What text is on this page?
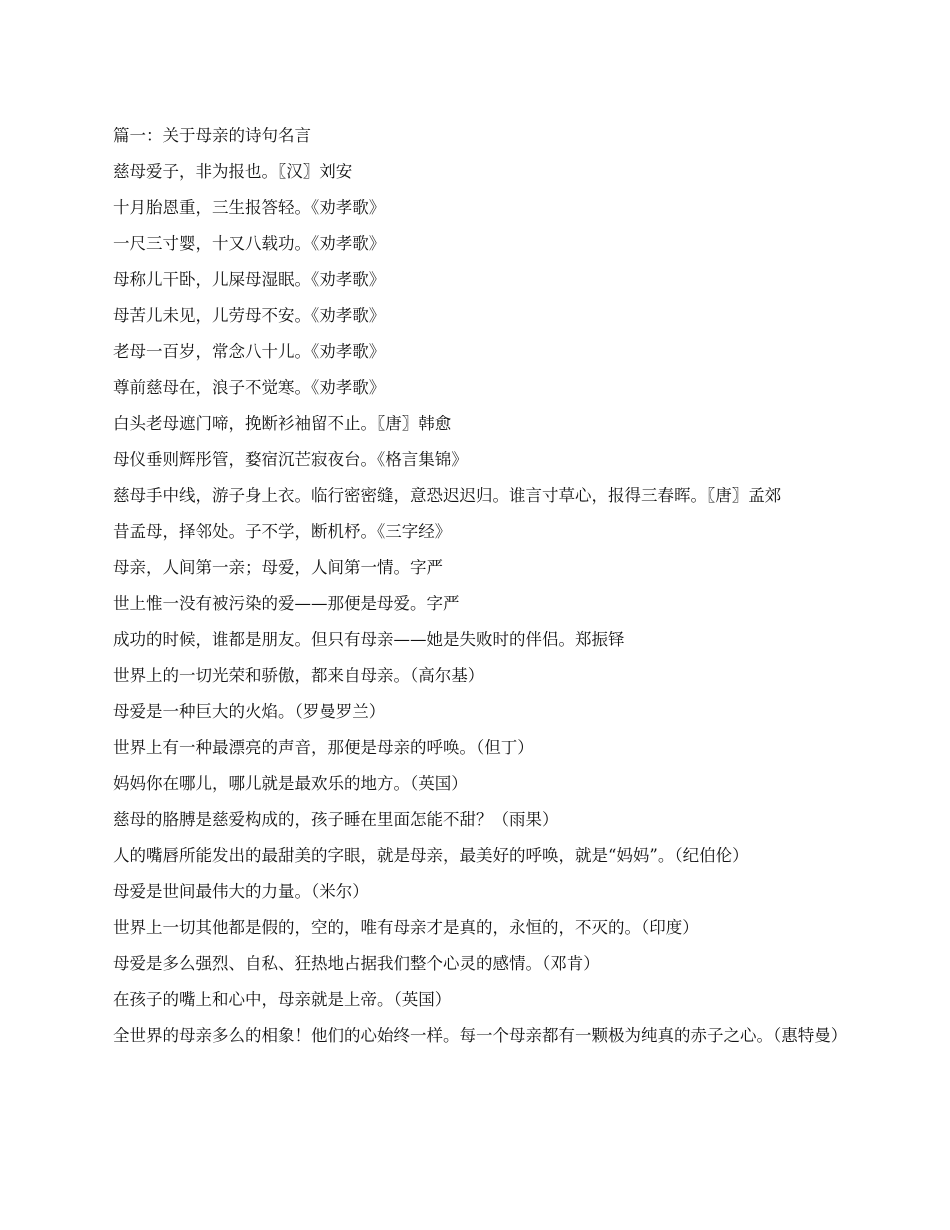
篇一：关于母亲的诗句名言

慈母爱子，非为报也。〖汉〗刘安

十月胎恩重，三生报答轻。《劝孝歌》

一尺三寸婴，十又八载功。《劝孝歌》

母称儿干卧，儿屎母湿眠。《劝孝歌》

母苦儿未见，儿劳母不安。《劝孝歌》

老母一百岁，常念八十儿。《劝孝歌》

尊前慈母在，浪子不觉寒。《劝孝歌》

白头老母遮门啼，挽断衫袖留不止。〖唐〗韩愈

母仪垂则辉彤管，婺宿沉芒寂夜台。《格言集锦》

慈母手中线，游子身上衣。临行密密缝，意恐迟迟归。谁言寸草心，报得三春晖。〖唐〗孟郊

昔孟母，择邻处。子不学，断机杼。《三字经》

母亲，人间第一亲；母爱，人间第一情。字严

世上惟一没有被污染的爱——那便是母爱。字严

成功的时候，谁都是朋友。但只有母亲——她是失败时的伴侣。郑振铎

世界上的一切光荣和骄傲，都来自母亲。（高尔基）

母爱是一种巨大的火焰。（罗曼罗兰）

世界上有一种最漂亮的声音，那便是母亲的呼唤。（但丁）

妈妈你在哪儿，哪儿就是最欢乐的地方。（英国）

慈母的胳膊是慈爱构成的，孩子睡在里面怎能不甜？（雨果）

人的嘴唇所能发出的最甜美的字眼，就是母亲，最美好的呼唤，就是“妈妈”。（纪伯伦）

母爱是世间最伟大的力量。（米尔）

世界上一切其他都是假的，空的，唯有母亲才是真的，永恒的，不灭的。（印度）

母爱是多么强烈、自私、狂热地占据我们整个心灵的感情。（邓肯）

在孩子的嘴上和心中，母亲就是上帝。（英国）

全世界的母亲多么的相象！他们的心始终一样。每一个母亲都有一颗极为纯真的赤子之心。（惠特曼）
